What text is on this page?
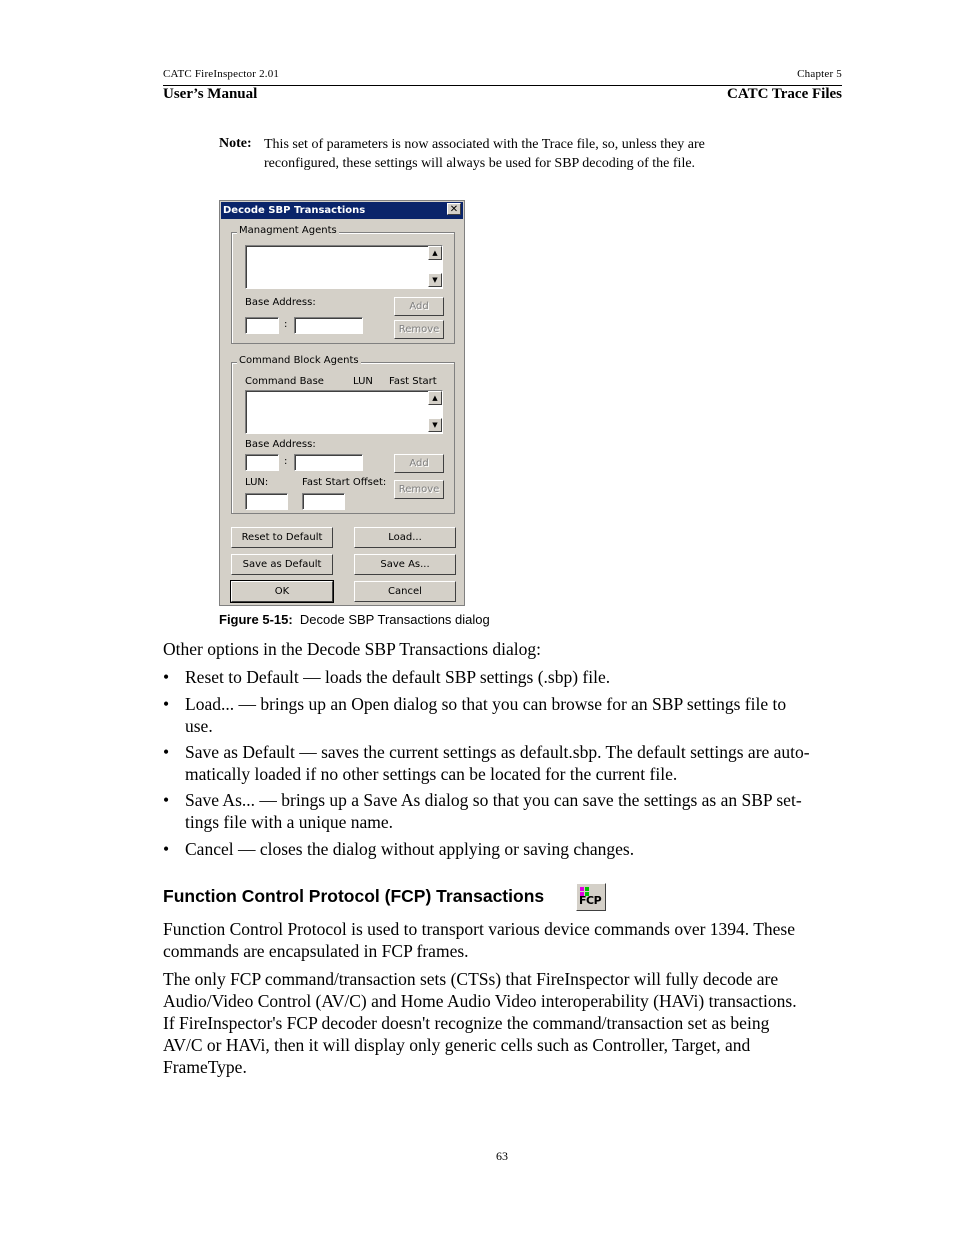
CATC FireInspector 2.01
User’s Manual
Chapter 5
CATC Trace Files
Note: This set of parameters is now associated with the Trace file, so, unless they are reconfigured, these settings will always be used for SBP decoding of the file.
Decode SBP Transactions	✕
Managment Agents
▲
▼
Base Address:	Add
:	Remove
Command Block Agents
Command Base	LUN Fast Start
▲
▼
Base Address:
:	Add
LUN:	Fast Start Offset:
Remove
Reset to Default	Load...
Save as Default	Save As...
OK	Cancel
Figure 5-15: Decode SBP Transactions dialog
Other options in the Decode SBP Transactions dialog:
• Reset to Default — loads the default SBP settings (.sbp) file.
• Load... — brings up an Open dialog so that you can browse for an SBP settings file to
use.
• Save as Default — saves the current settings as default.sbp. The default settings are auto-
matically loaded if no other settings can be located for the current file.
• Save As... — brings up a Save As dialog so that you can save the settings as an SBP set-
tings file with a unique name.
• Cancel — closes the dialog without applying or saving changes.
Function Control Protocol (FCP) Transactions	FCP
Function Control Protocol is used to transport various device commands over 1394. These
commands are encapsulated in FCP frames.
The only FCP command/transaction sets (CTSs) that FireInspector will fully decode are
Audio/Video Control (AV/C) and Home Audio Video interoperability (HAVi) transactions.
If FireInspector's FCP decoder doesn't recognize the command/transaction set as being
AV/C or HAVi, then it will display only generic cells such as Controller, Target, and
FrameType.
63
